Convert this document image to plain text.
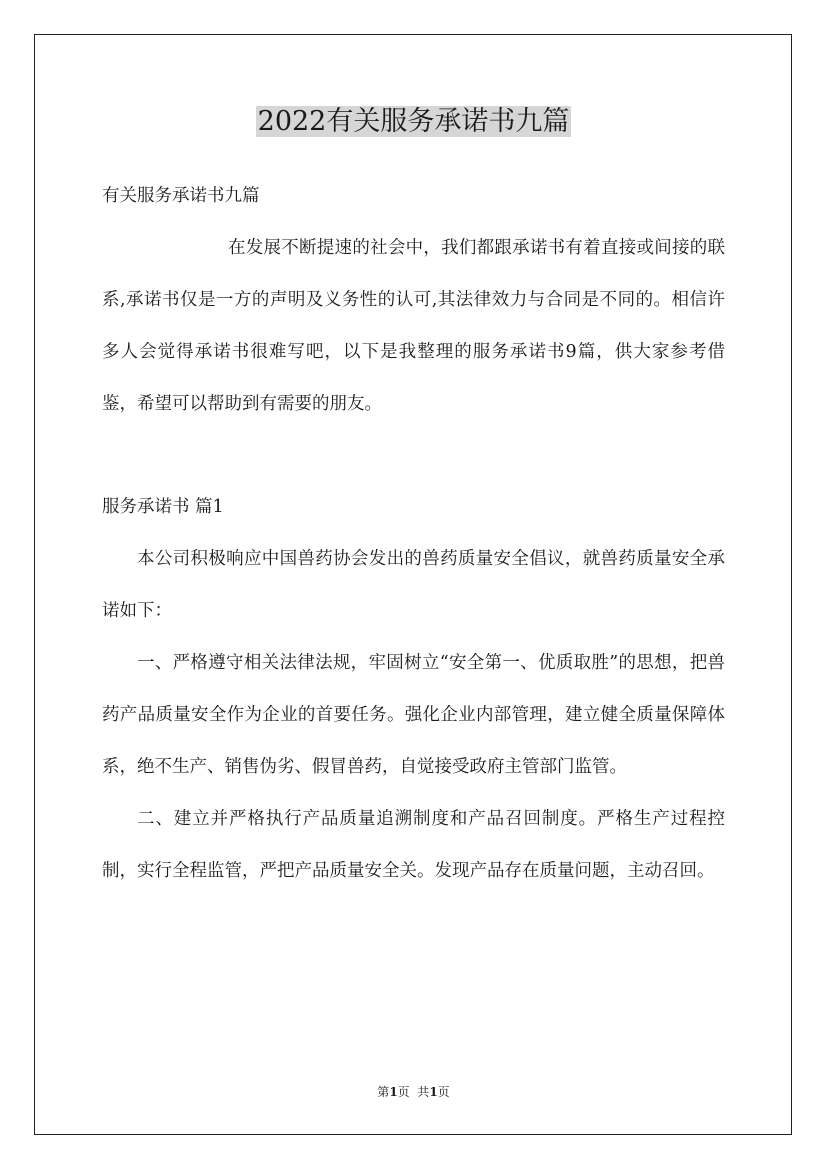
2022有关服务承诺书九篇

有关服务承诺书九篇

在发展不断提速的社会中，我们都跟承诺书有着直接或间接的联系,承诺书仅是一方的声明及义务性的认可,其法律效力与合同是不同的。相信许多人会觉得承诺书很难写吧，以下是我整理的服务承诺书9篇，供大家参考借鉴，希望可以帮助到有需要的朋友。

服务承诺书 篇1

本公司积极响应中国兽药协会发出的兽药质量安全倡议，就兽药质量安全承诺如下：

一、严格遵守相关法律法规，牢固树立“安全第一、优质取胜”的思想，把兽药产品质量安全作为企业的首要任务。强化企业内部管理，建立健全质量保障体系，绝不生产、销售伪劣、假冒兽药，自觉接受政府主管部门监管。

二、建立并严格执行产品质量追溯制度和产品召回制度。严格生产过程控制，实行全程监管，严把产品质量安全关。发现产品存在质量问题，主动召回。

第1页  共1页
